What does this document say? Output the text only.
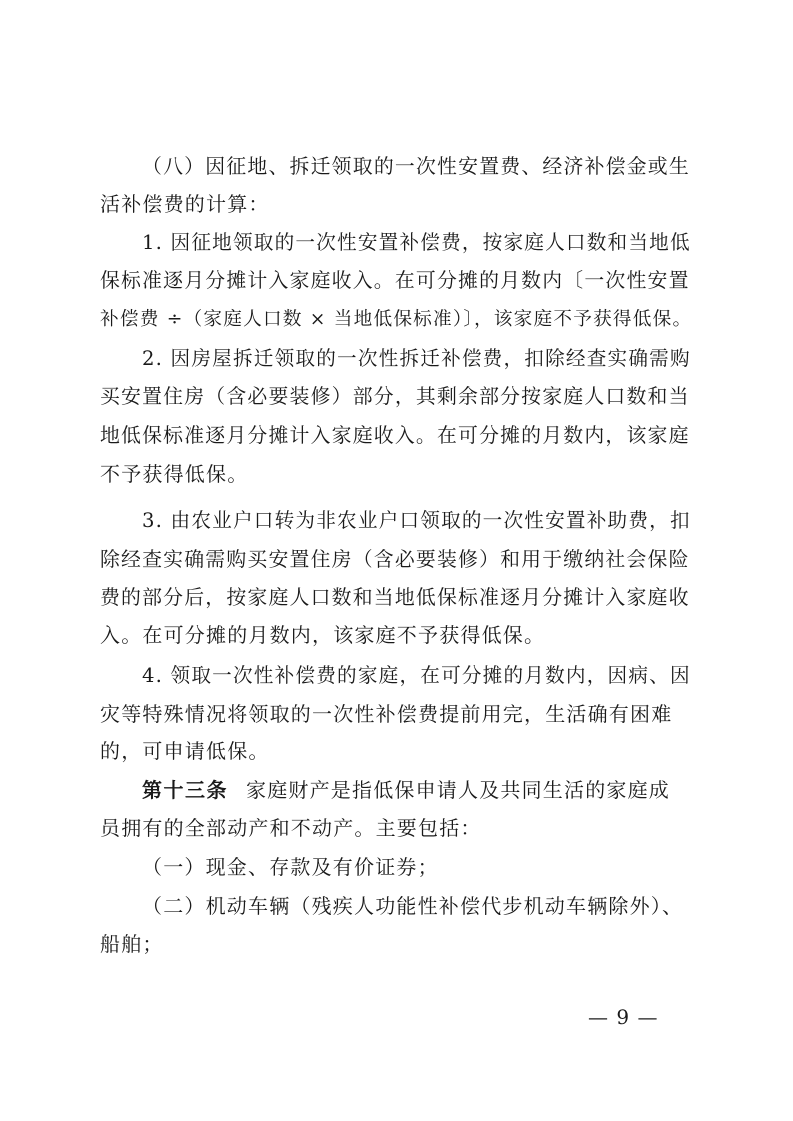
（八）因征地、拆迁领取的一次性安置费、经济补偿金或生
活补偿费的计算：
1. 因征地领取的一次性安置补偿费，按家庭人口数和当地低
保标准逐月分摊计入家庭收入。在可分摊的月数内〔一次性安置
补偿费 ÷（家庭人口数 × 当地低保标准）〕，该家庭不予获得低保。
2. 因房屋拆迁领取的一次性拆迁补偿费，扣除经查实确需购
买安置住房（含必要装修）部分，其剩余部分按家庭人口数和当
地低保标准逐月分摊计入家庭收入。在可分摊的月数内，该家庭
不予获得低保。
3. 由农业户口转为非农业户口领取的一次性安置补助费，扣
除经查实确需购买安置住房（含必要装修）和用于缴纳社会保险
费的部分后，按家庭人口数和当地低保标准逐月分摊计入家庭收
入。在可分摊的月数内，该家庭不予获得低保。
4. 领取一次性补偿费的家庭，在可分摊的月数内，因病、因
灾等特殊情况将领取的一次性补偿费提前用完，生活确有困难
的，可申请低保。
第十三条 家庭财产是指低保申请人及共同生活的家庭成
员拥有的全部动产和不动产。主要包括：
（一）现金、存款及有价证券；
（二）机动车辆（残疾人功能性补偿代步机动车辆除外）、
船舶；
— 9 —
